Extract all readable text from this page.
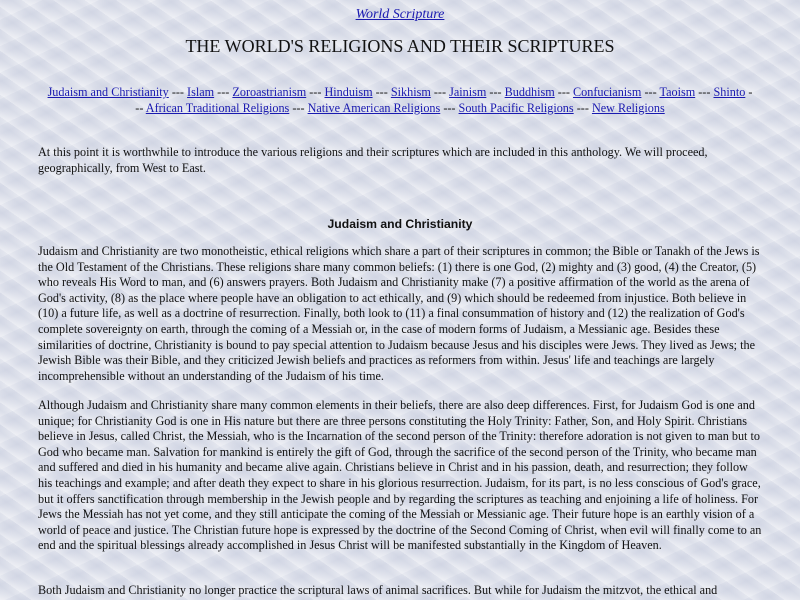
World Scripture
THE WORLD'S RELIGIONS AND THEIR SCRIPTURES
Judaism and Christianity --- Islam --- Zoroastrianism --- Hinduism --- Sikhism --- Jainism --- Buddhism --- Confucianism --- Taoism --- Shinto -
-- African Traditional Religions --- Native American Religions --- South Pacific Religions --- New Religions

At this point it is worthwhile to introduce the various religions and their scriptures which are included in this anthology. We will proceed, geographically, from West to East.

Judaism and Christianity

Judaism and Christianity are two monotheistic, ethical religions which share a part of their scriptures in common; the Bible or Tanakh of the Jews is the Old Testament of the Christians. These religions share many common beliefs: (1) there is one God, (2) mighty and (3) good, (4) the Creator, (5) who reveals His Word to man, and (6) answers prayers. Both Judaism and Christianity make (7) a positive affirmation of the world as the arena of God's activity, (8) as the place where people have an obligation to act ethically, and (9) which should be redeemed from injustice. Both believe in (10) a future life, as well as a doctrine of resurrection. Finally, both look to (11) a final consummation of history and (12) the realization of God's complete sovereignty on earth, through the coming of a Messiah or, in the case of modern forms of Judaism, a Messianic age. Besides these similarities of doctrine, Christianity is bound to pay special attention to Judaism because Jesus and his disciples were Jews. They lived as Jews; the Jewish Bible was their Bible, and they criticized Jewish beliefs and practices as reformers from within. Jesus' life and teachings are largely incomprehensible without an understanding of the Judaism of his time.

Although Judaism and Christianity share many common elements in their beliefs, there are also deep differences. First, for Judaism God is one and unique; for Christianity God is one in His nature but there are three persons constituting the Holy Trinity: Father, Son, and Holy Spirit. Christians believe in Jesus, called Christ, the Messiah, who is the Incarnation of the second person of the Trinity: therefore adoration is not given to man but to God who became man. Salvation for mankind is entirely the gift of God, through the sacrifice of the second person of the Trinity, who became man and suffered and died in his humanity and became alive again. Christians believe in Christ and in his passion, death, and resurrection; they follow his teachings and example; and after death they expect to share in his glorious resurrection. Judaism, for its part, is no less conscious of God's grace, but it offers sanctification through membership in the Jewish people and by regarding the scriptures as teaching and enjoining a life of holiness. For Jews the Messiah has not yet come, and they still anticipate the coming of the Messiah or Messianic age. Their future hope is an earthly vision of a world of peace and justice. The Christian future hope is expressed by the doctrine of the Second Coming of Christ, when evil will finally come to an end and the spiritual blessings already accomplished in Jesus Christ will be manifested substantially in the Kingdom of Heaven.

Both Judaism and Christianity no longer practice the scriptural laws of animal sacrifices. But while for Judaism the mitzvot, the ethical and
